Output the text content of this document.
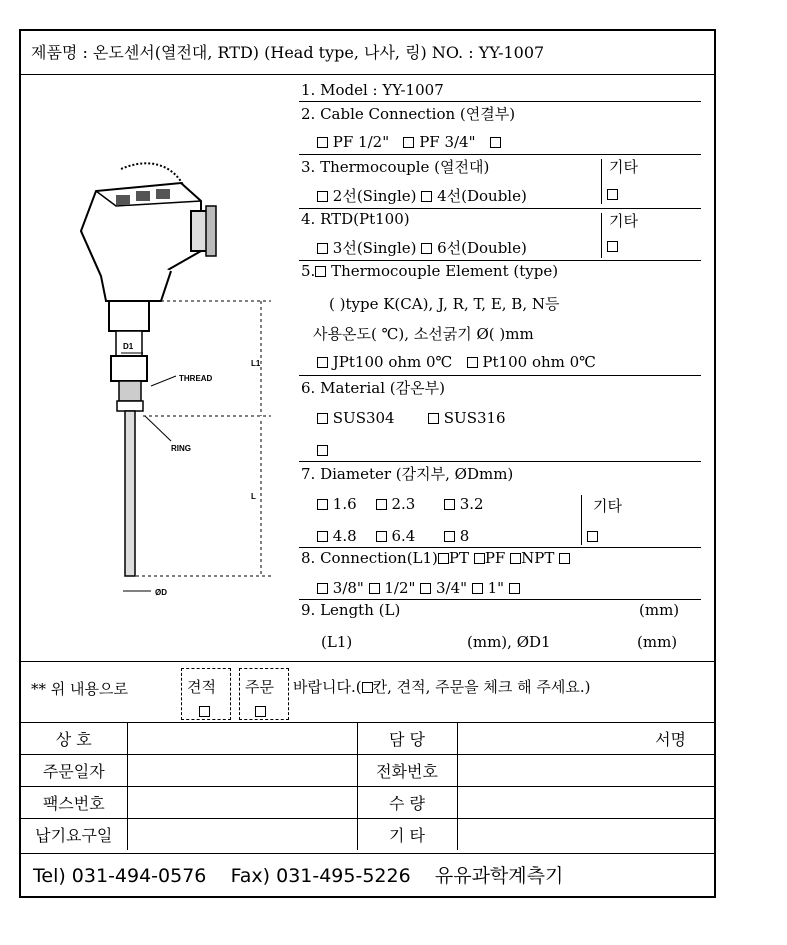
제품명 : 온도센서(열전대, RTD) (Head type, 나사, 링) NO. : YY-1007
D1
L1
THREAD
RING
L
ØD
1. Model : YY-1007
2. Cable Connection (연결부)
PF 1/2" PF 3/4"
3. Thermocouple (열전대)
2선(Single) 4선(Double)
기타
4. RTD(Pt100)
3선(Single) 6선(Double)
기타
5. Thermocouple Element (type)
( )type K(CA), J, R, T, E, B, N등
사용온도( ℃), 소선굵기 Ø( )mm
JPt100 ohm 0℃ Pt100 ohm 0℃
6. Material (감온부)
SUS304	SUS316
7. Diameter (감지부, ØDmm)
1.6 2.3	3.2
4.8 6.4	8
기타
8. Connection(L1) PT PF NPT
3/8" 1/2" 3/4" 1"
9. Length (L)	(mm)
(L1)	(mm), ØD1	(mm)
** 위 내용으로	견적 주문 바랍니다.( 칸, 견적, 주문을 체크 해 주세요.)
상 호		담 당	서명
주문일자		전화번호	
팩스번호		수 량	
납기요구일		기 타	
Tel) 031-494-0576 Fax) 031-495-5226 유유과학계측기
